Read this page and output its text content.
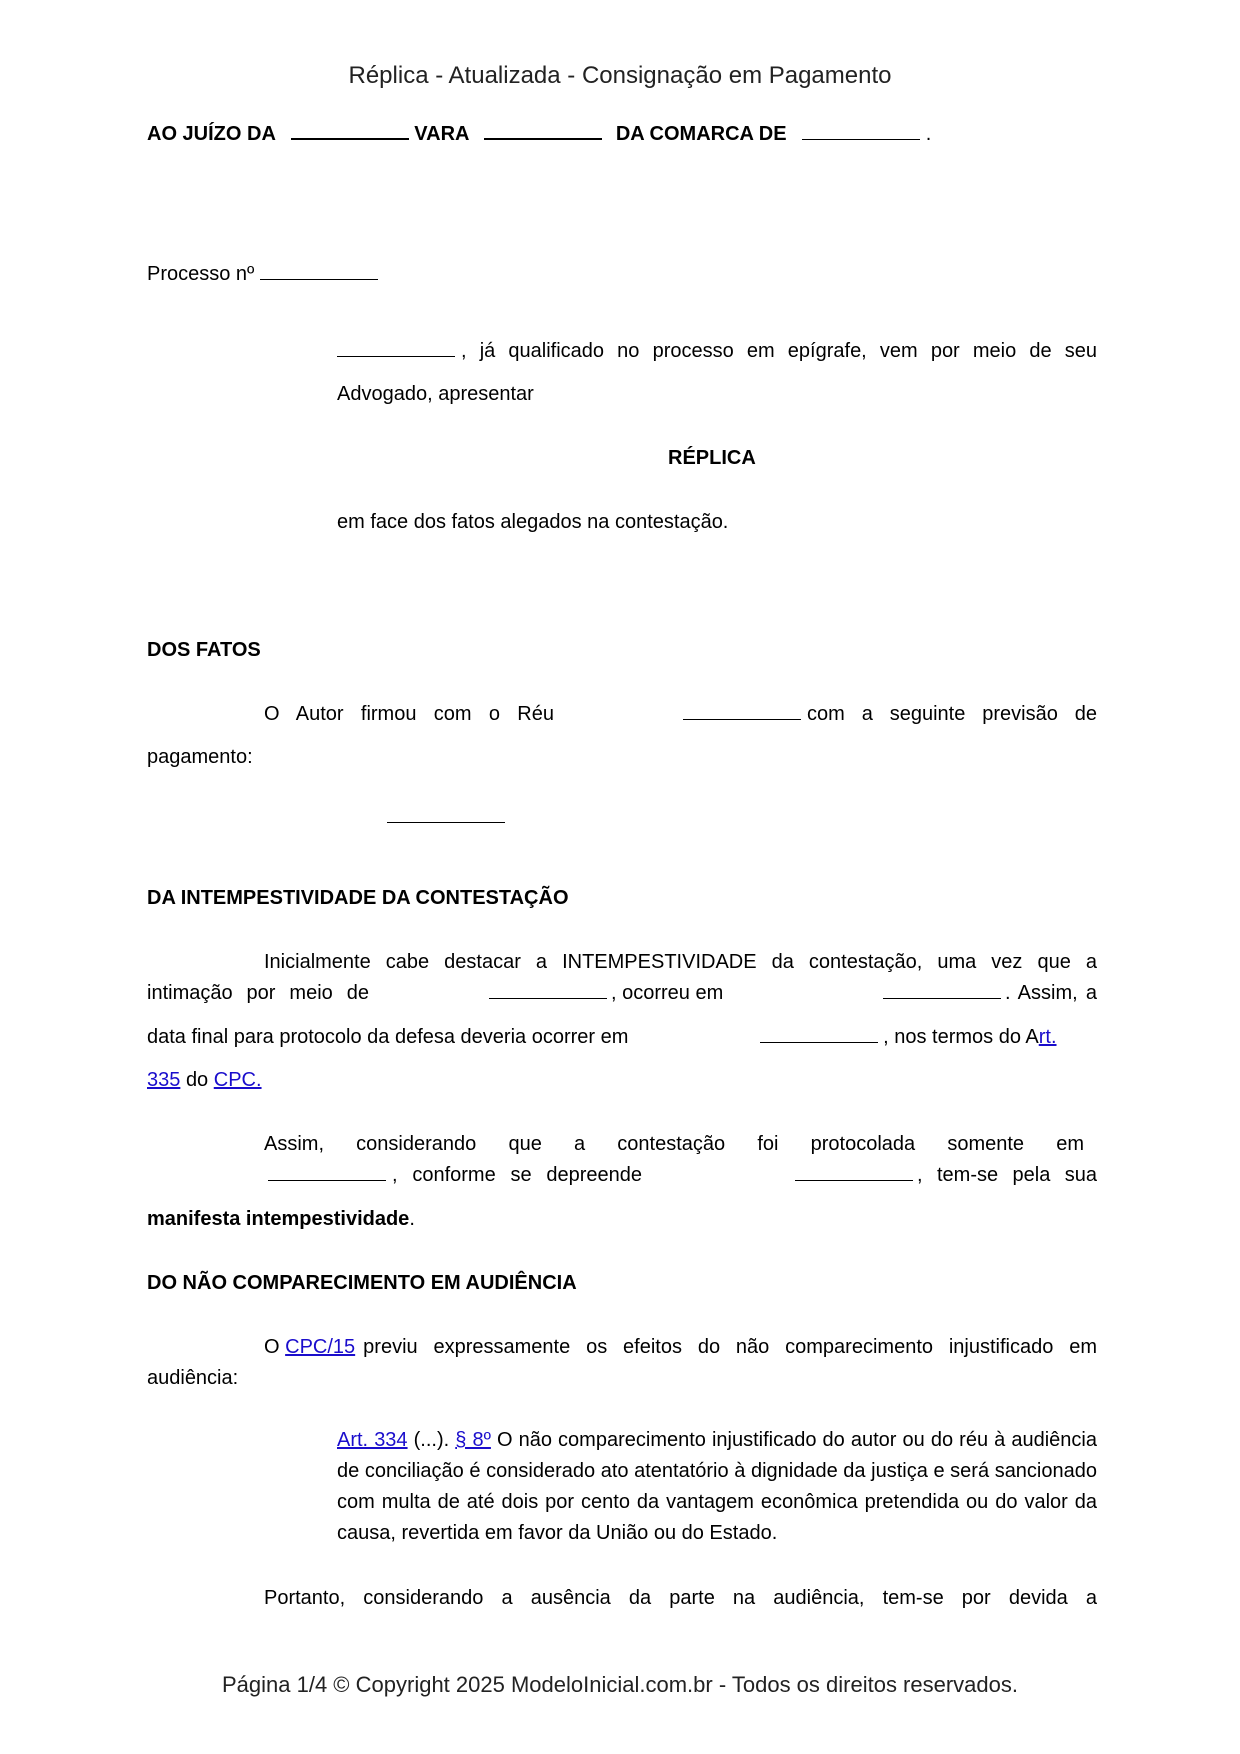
Réplica - Atualizada - Consignação em Pagamento
AO JUÍZO DA	VARA	DA COMARCA DE	.
Processo nº
, já qualificado no processo em epígrafe, vem por meio de seu
Advogado, apresentar
RÉPLICA
em face dos fatos alegados na contestação.
DOS FATOS
O Autor firmou com o Réu	com a seguinte previsão de
pagamento:
DA INTEMPESTIVIDADE DA CONTESTAÇÃO
Inicialmente cabe destacar a INTEMPESTIVIDADE da contestação, uma vez que a
intimação por meio de	, ocorreu em	. Assim, a
data final para protocolo da defesa deveria ocorrer em	, nos termos do Art.
335 do CPC.
Assim, considerando que a contestação foi protocolada somente em
, conforme se depreende	, tem-se pela sua
manifesta intempestividade.
DO NÃO COMPARECIMENTO EM AUDIÊNCIA
O CPC/15 previu expressamente os efeitos do não comparecimento injustificado em
audiência:
Art. 334 (...). § 8º O não comparecimento injustificado do autor ou do réu à audiência de conciliação é considerado ato atentatório à dignidade da justiça e será sancionado com multa de até dois por cento da vantagem econômica pretendida ou do valor da causa, revertida em favor da União ou do Estado.
Portanto, considerando a ausência da parte na audiência, tem-se por devida a
Página 1/4 © Copyright 2025 ModeloInicial.com.br - Todos os direitos reservados.
